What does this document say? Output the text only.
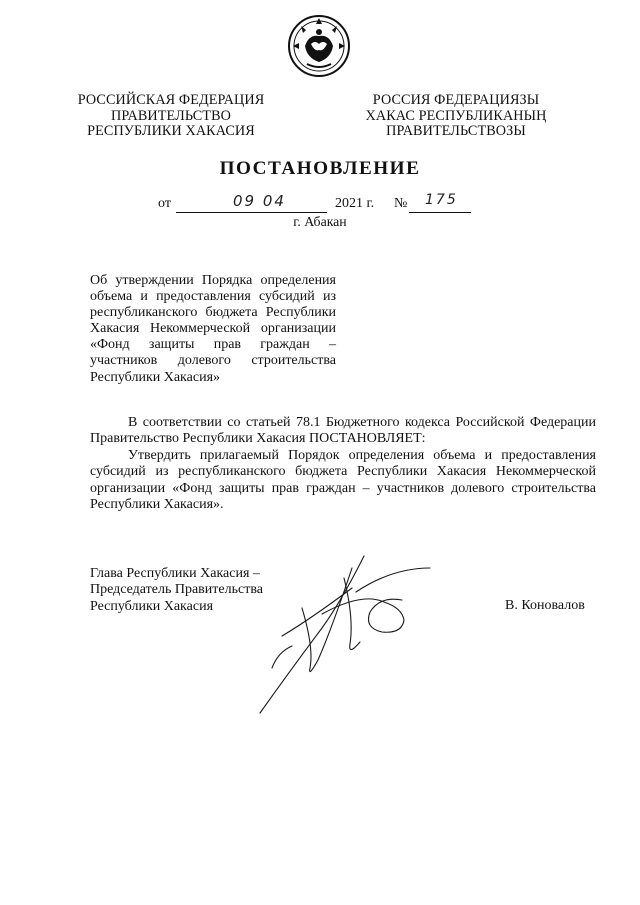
РОССИЙСКАЯ ФЕДЕРАЦИЯ
ПРАВИТЕЛЬСТВО
РЕСПУБЛИКИ ХАКАСИЯ
РОССИЯ ФЕДЕРАЦИЯЗЫ
ХАКАС РЕСПУБЛИКАНЫҢ
ПРАВИТЕЛЬСТВОЗЫ
ПОСТАНОВЛЕНИЕ
от	09 04	2021 г. № 175
г. Абакан
Об утверждении Порядка определения
объема и предоставления субсидий из
республиканского бюджета Республики
Хакасия Некоммерческой организации
«Фонд защиты прав граждан –
участников долевого строительства
Республики Хакасия»
В соответствии со статьей 78.1 Бюджетного кодекса Российской Федерации
Правительство Республики Хакасия ПОСТАНОВЛЯЕТ:
Утвердить прилагаемый Порядок определения объема и предоставления
субсидий из республиканского бюджета Республики Хакасия Некоммерческой
организации «Фонд защиты прав граждан – участников долевого строительства
Республики Хакасия».
Глава Республики Хакасия –
Председатель Правительства
Республики Хакасия	В. Коновалов
